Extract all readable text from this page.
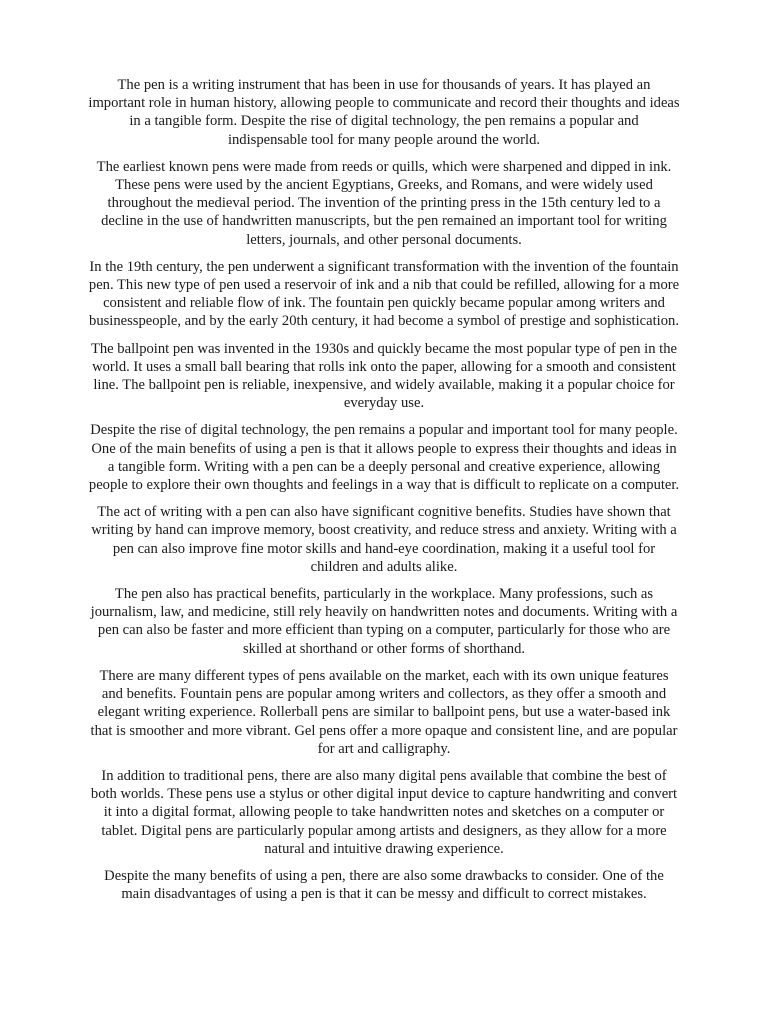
The pen is a writing instrument that has been in use for thousands of years. It has played an important role in human history, allowing people to communicate and record their thoughts and ideas in a tangible form. Despite the rise of digital technology, the pen remains a popular and indispensable tool for many people around the world.

The earliest known pens were made from reeds or quills, which were sharpened and dipped in ink. These pens were used by the ancient Egyptians, Greeks, and Romans, and were widely used throughout the medieval period. The invention of the printing press in the 15th century led to a decline in the use of handwritten manuscripts, but the pen remained an important tool for writing letters, journals, and other personal documents.

In the 19th century, the pen underwent a significant transformation with the invention of the fountain pen. This new type of pen used a reservoir of ink and a nib that could be refilled, allowing for a more consistent and reliable flow of ink. The fountain pen quickly became popular among writers and businesspeople, and by the early 20th century, it had become a symbol of prestige and sophistication.

The ballpoint pen was invented in the 1930s and quickly became the most popular type of pen in the world. It uses a small ball bearing that rolls ink onto the paper, allowing for a smooth and consistent line. The ballpoint pen is reliable, inexpensive, and widely available, making it a popular choice for everyday use.

Despite the rise of digital technology, the pen remains a popular and important tool for many people. One of the main benefits of using a pen is that it allows people to express their thoughts and ideas in a tangible form. Writing with a pen can be a deeply personal and creative experience, allowing people to explore their own thoughts and feelings in a way that is difficult to replicate on a computer.

The act of writing with a pen can also have significant cognitive benefits. Studies have shown that writing by hand can improve memory, boost creativity, and reduce stress and anxiety. Writing with a pen can also improve fine motor skills and hand-eye coordination, making it a useful tool for children and adults alike.

The pen also has practical benefits, particularly in the workplace. Many professions, such as journalism, law, and medicine, still rely heavily on handwritten notes and documents. Writing with a pen can also be faster and more efficient than typing on a computer, particularly for those who are skilled at shorthand or other forms of shorthand.

There are many different types of pens available on the market, each with its own unique features and benefits. Fountain pens are popular among writers and collectors, as they offer a smooth and elegant writing experience. Rollerball pens are similar to ballpoint pens, but use a water-based ink that is smoother and more vibrant. Gel pens offer a more opaque and consistent line, and are popular for art and calligraphy.

In addition to traditional pens, there are also many digital pens available that combine the best of both worlds. These pens use a stylus or other digital input device to capture handwriting and convert it into a digital format, allowing people to take handwritten notes and sketches on a computer or tablet. Digital pens are particularly popular among artists and designers, as they allow for a more natural and intuitive drawing experience.

Despite the many benefits of using a pen, there are also some drawbacks to consider. One of the main disadvantages of using a pen is that it can be messy and difficult to correct mistakes.
